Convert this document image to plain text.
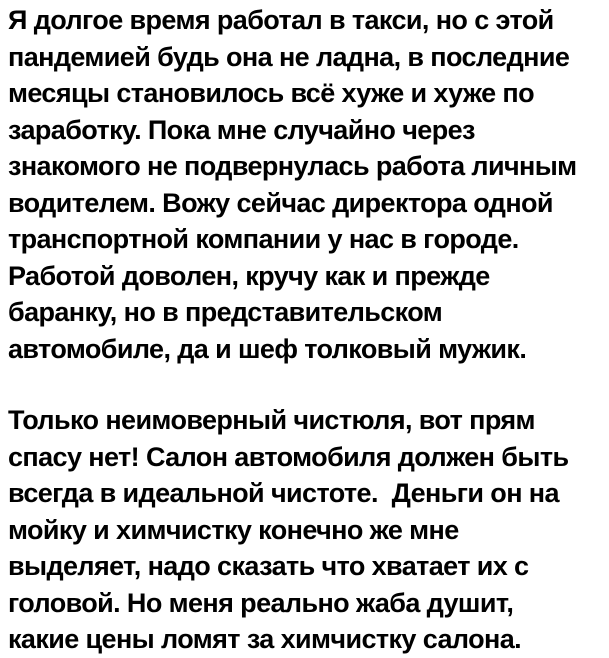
Я долгое время работал в такси, но с этой
пандемией будь она не ладна, в последние
месяцы становилось всё хуже и хуже по
заработку. Пока мне случайно через
знакомого не подвернулась работа личным
водителем. Вожу сейчас директора одной
транспортной компании у нас в городе.
Работой доволен, кручу как и прежде
баранку, но в представительском
автомобиле, да и шеф толковый мужик.
Только неимоверный чистюля, вот прям
спасу нет! Салон автомобиля должен быть
всегда в идеальной чистоте.  Деньги он на
мойку и химчистку конечно же мне
выделяет, надо сказать что хватает их с
головой. Но меня реально жаба душит,
какие цены ломят за химчистку салона.
